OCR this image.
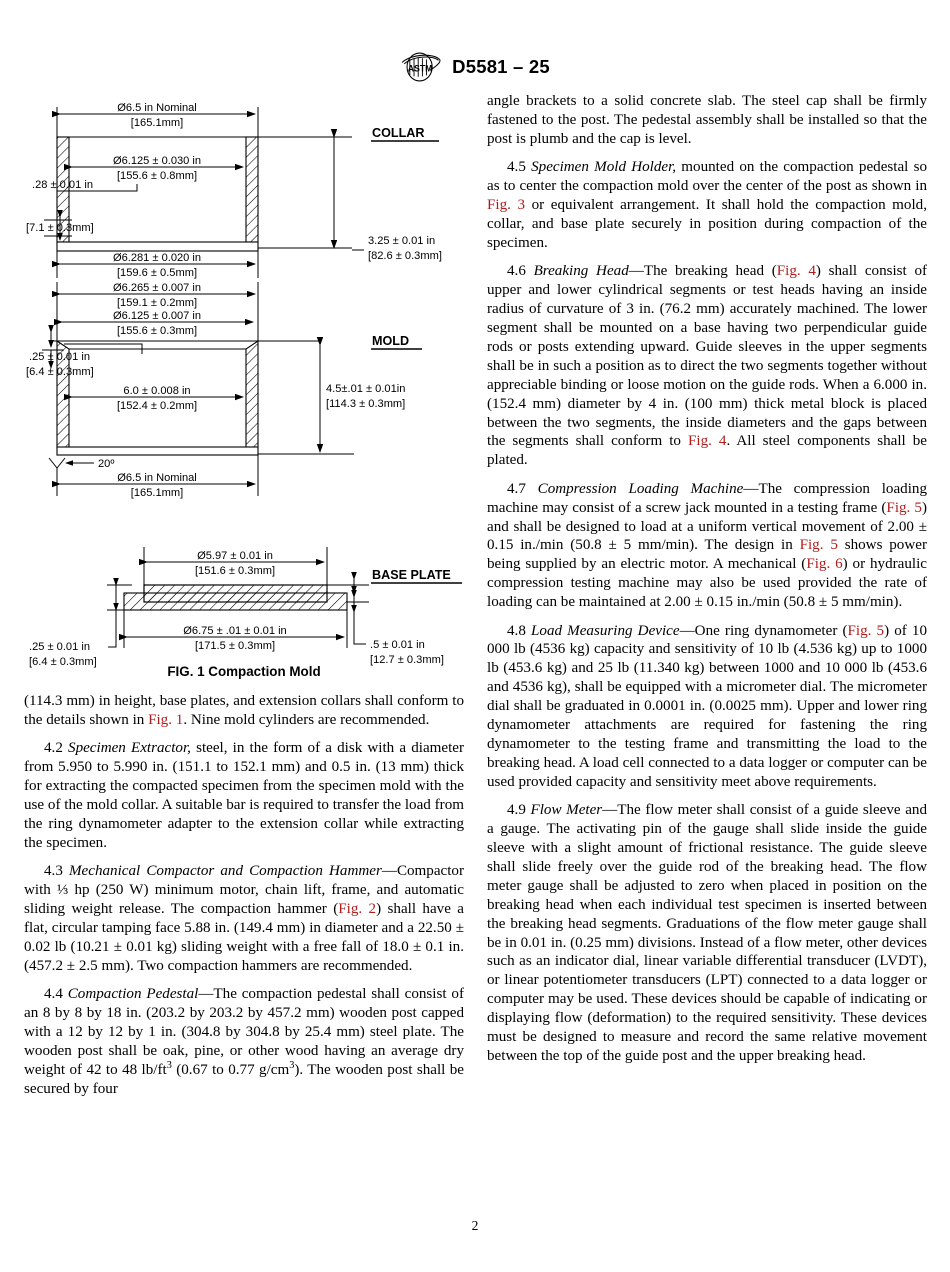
ASTM D5581 – 25
Ø6.5 in Nominal
[165.1mm]
Ø6.125 ± 0.030 in
[155.6 ± 0.8mm]
Ø6.281 ± 0.020 in
[159.6 ± 0.5mm]
.28 ± 0.01 in
[7.1 ± 0.3mm]
3.25 ± 0.01 in
[82.6 ± 0.3mm]
COLLAR
Ø6.265 ± 0.007 in
[159.1 ± 0.2mm]
Ø6.125 ± 0.007 in
[155.6 ± 0.3mm]
.25 ± 0.01 in
[6.4 ± 0.3mm]
6.0 ± 0.008 in
[152.4 ± 0.2mm]
4.5±.01 ± 0.01in
[114.3 ± 0.3mm]
MOLD
20º
Ø6.5 in Nominal
[165.1mm]
Ø5.97 ± 0.01 in
[151.6 ± 0.3mm]
.25 ± 0.01 in
[6.4 ± 0.3mm]
.5 ± 0.01 in
[12.7 ± 0.3mm]
Ø6.75 ± .01 ± 0.01 in
[171.5 ± 0.3mm]
BASE PLATE
FIG. 1 Compaction Mold

(114.3 mm) in height, base plates, and extension collars shall conform to the details shown in Fig. 1. Nine mold cylinders are recommended.

4.2 Specimen Extractor, steel, in the form of a disk with a diameter from 5.950 to 5.990 in. (151.1 to 152.1 mm) and 0.5 in. (13 mm) thick for extracting the compacted specimen from the specimen mold with the use of the mold collar. A suitable bar is required to transfer the load from the ring dynamometer adapter to the extension collar while extracting the specimen.

4.3 Mechanical Compactor and Compaction Hammer—Compactor with ⅓ hp (250 W) minimum motor, chain lift, frame, and automatic sliding weight release. The compaction hammer (Fig. 2) shall have a flat, circular tamping face 5.88 in. (149.4 mm) in diameter and a 22.50 ± 0.02 lb (10.21 ± 0.01 kg) sliding weight with a free fall of 18.0 ± 0.1 in. (457.2 ± 2.5 mm). Two compaction hammers are recommended.

4.4 Compaction Pedestal—The compaction pedestal shall consist of an 8 by 8 by 18 in. (203.2 by 203.2 by 457.2 mm) wooden post capped with a 12 by 12 by 1 in. (304.8 by 304.8 by 25.4 mm) steel plate. The wooden post shall be oak, pine, or other wood having an average dry weight of 42 to 48 $lb/ft^3$ (0.67 to 0.77 $g/cm^3$). The wooden post shall be secured by four

angle brackets to a solid concrete slab. The steel cap shall be firmly fastened to the post. The pedestal assembly shall be installed so that the post is plumb and the cap is level.

4.5 Specimen Mold Holder, mounted on the compaction pedestal so as to center the compaction mold over the center of the post as shown in Fig. 3 or equivalent arrangement. It shall hold the compaction mold, collar, and base plate securely in position during compaction of the specimen.

4.6 Breaking Head—The breaking head (Fig. 4) shall consist of upper and lower cylindrical segments or test heads having an inside radius of curvature of 3 in. (76.2 mm) accurately machined. The lower segment shall be mounted on a base having two perpendicular guide rods or posts extending upward. Guide sleeves in the upper segments shall be in such a position as to direct the two segments together without appreciable binding or loose motion on the guide rods. When a 6.000 in. (152.4 mm) diameter by 4 in. (100 mm) thick metal block is placed between the two segments, the inside diameters and the gaps between the segments shall conform to Fig. 4. All steel components shall be plated.

4.7 Compression Loading Machine—The compression loading machine may consist of a screw jack mounted in a testing frame (Fig. 5) and shall be designed to load at a uniform vertical movement of 2.00 ± 0.15 in./min (50.8 ± 5 mm/min). The design in Fig. 5 shows power being supplied by an electric motor. A mechanical (Fig. 6) or hydraulic compression testing machine may also be used provided the rate of loading can be maintained at 2.00 ± 0.15 in./min (50.8 ± 5 mm/min).

4.8 Load Measuring Device—One ring dynamometer (Fig. 5) of 10 000 lb (4536 kg) capacity and sensitivity of 10 lb (4.536 kg) up to 1000 lb (453.6 kg) and 25 lb (11.340 kg) between 1000 and 10 000 lb (453.6 and 4536 kg), shall be equipped with a micrometer dial. The micrometer dial shall be graduated in 0.0001 in. (0.0025 mm). Upper and lower ring dynamometer attachments are required for fastening the ring dynamometer to the testing frame and transmitting the load to the breaking head. A load cell connected to a data logger or computer can be used provided capacity and sensitivity meet above requirements.

4.9 Flow Meter—The flow meter shall consist of a guide sleeve and a gauge. The activating pin of the gauge shall slide inside the guide sleeve with a slight amount of frictional resistance. The guide sleeve shall slide freely over the guide rod of the breaking head. The flow meter gauge shall be adjusted to zero when placed in position on the breaking head when each individual test specimen is inserted between the breaking head segments. Graduations of the flow meter gauge shall be in 0.01 in. (0.25 mm) divisions. Instead of a flow meter, other devices such as an indicator dial, linear variable differential transducer (LVDT), or linear potentiometer transducers (LPT) connected to a data logger or computer may be used. These devices should be capable of indicating or displaying flow (deformation) to the required sensitivity. These devices must be designed to measure and record the same relative movement between the top of the guide post and the upper breaking head.

2
